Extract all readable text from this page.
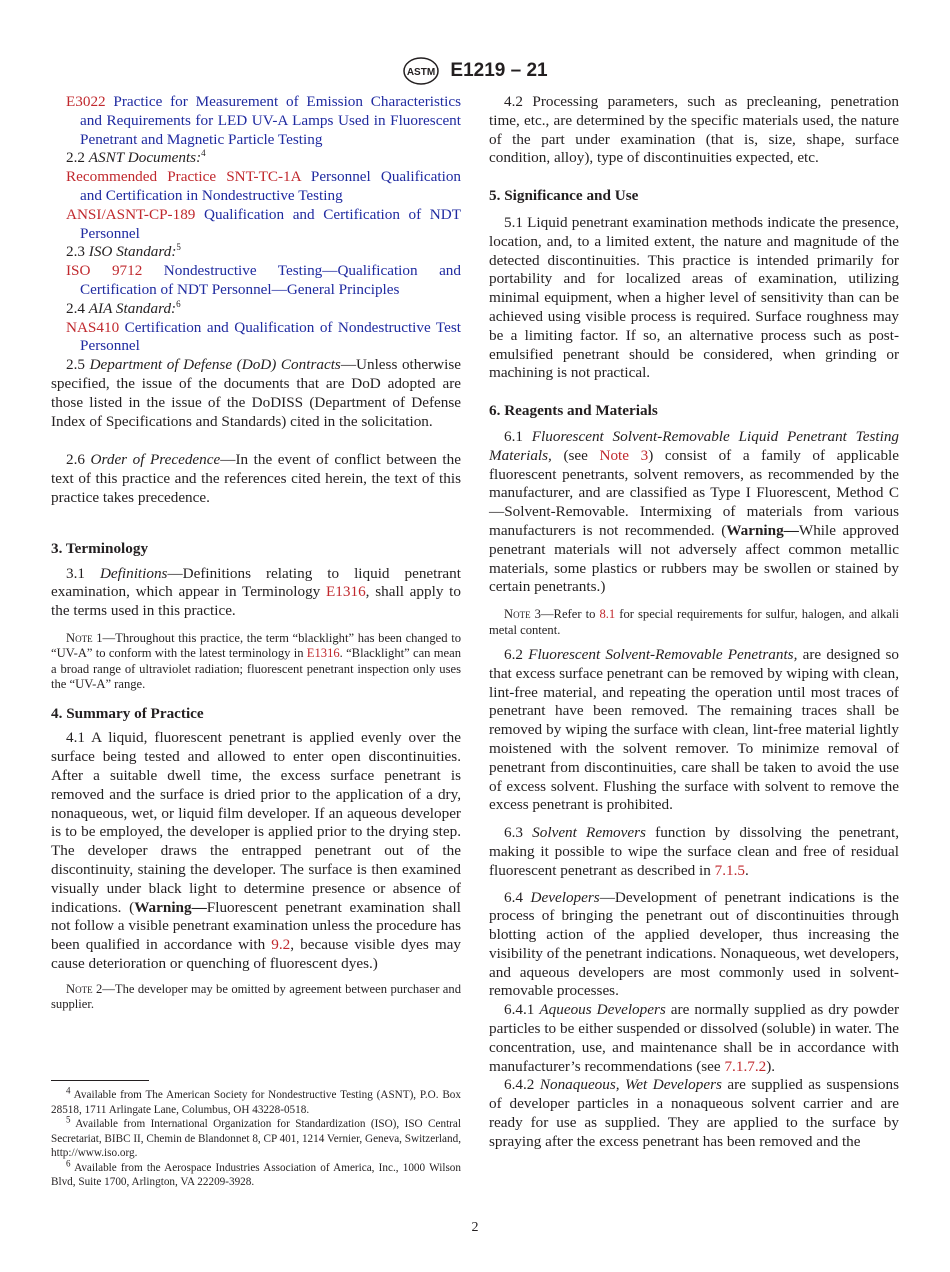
ASTM E1219 – 21

E3022 Practice for Measurement of Emission Characteristics and Requirements for LED UV-A Lamps Used in Fluorescent Penetrant and Magnetic Particle Testing

2.2 ASNT Documents:$^4$

Recommended Practice SNT-TC-1A Personnel Qualification and Certification in Nondestructive Testing

ANSI/ASNT-CP-189 Qualification and Certification of NDT Personnel

2.3 ISO Standard:$^5$

ISO 9712 Nondestructive Testing—Qualification and Certification of NDT Personnel—General Principles

2.4 AIA Standard:$^6$

NAS410 Certification and Qualification of Nondestructive Test Personnel

2.5 Department of Defense (DoD) Contracts—Unless otherwise specified, the issue of the documents that are DoD adopted are those listed in the issue of the DoDISS (Department of Defense Index of Specifications and Standards) cited in the solicitation.

2.6 Order of Precedence—In the event of conflict between the text of this practice and the references cited herein, the text of this practice takes precedence.

3. Terminology

3.1 Definitions—Definitions relating to liquid penetrant examination, which appear in Terminology E1316, shall apply to the terms used in this practice.

Note 1—Throughout this practice, the term “blacklight” has been changed to “UV-A” to conform with the latest terminology in E1316. “Blacklight” can mean a broad range of ultraviolet radiation; fluorescent penetrant inspection only uses the “UV-A” range.

4. Summary of Practice

4.1 A liquid, fluorescent penetrant is applied evenly over the surface being tested and allowed to enter open discontinuities. After a suitable dwell time, the excess surface penetrant is removed and the surface is dried prior to the application of a dry, nonaqueous, wet, or liquid film developer. If an aqueous developer is to be employed, the developer is applied prior to the drying step. The developer draws the entrapped penetrant out of the discontinuity, staining the developer. The surface is then examined visually under black light to determine presence or absence of indications. (Warning—Fluorescent penetrant examination shall not follow a visible penetrant examination unless the procedure has been qualified in accordance with 9.2, because visible dyes may cause deterioration or quenching of fluorescent dyes.)

Note 2—The developer may be omitted by agreement between purchaser and supplier.

4.2 Processing parameters, such as precleaning, penetration time, etc., are determined by the specific materials used, the nature of the part under examination (that is, size, shape, surface condition, alloy), type of discontinuities expected, etc.

5. Significance and Use

5.1 Liquid penetrant examination methods indicate the presence, location, and, to a limited extent, the nature and magnitude of the detected discontinuities. This practice is intended primarily for portability and for localized areas of examination, utilizing minimal equipment, when a higher level of sensitivity than can be achieved using visible process is required. Surface roughness may be a limiting factor. If so, an alternative process such as post-emulsified penetrant should be considered, when grinding or machining is not practical.

6. Reagents and Materials

6.1 Fluorescent Solvent-Removable Liquid Penetrant Testing Materials, (see Note 3) consist of a family of applicable fluorescent penetrants, solvent removers, as recommended by the manufacturer, and are classified as Type I Fluorescent, Method C—Solvent-Removable. Intermixing of materials from various manufacturers is not recommended. (Warning—While approved penetrant materials will not adversely affect common metallic materials, some plastics or rubbers may be swollen or stained by certain penetrants.)

Note 3—Refer to 8.1 for special requirements for sulfur, halogen, and alkali metal content.

6.2 Fluorescent Solvent-Removable Penetrants, are designed so that excess surface penetrant can be removed by wiping with clean, lint-free material, and repeating the operation until most traces of penetrant have been removed. The remaining traces shall be removed by wiping the surface with clean, lint-free material lightly moistened with the solvent remover. To minimize removal of penetrant from discontinuities, care shall be taken to avoid the use of excess solvent. Flushing the surface with solvent to remove the excess penetrant is prohibited.

6.3 Solvent Removers function by dissolving the penetrant, making it possible to wipe the surface clean and free of residual fluorescent penetrant as described in 7.1.5.

6.4 Developers—Development of penetrant indications is the process of bringing the penetrant out of discontinuities through blotting action of the applied developer, thus increasing the visibility of the penetrant indications. Nonaqueous, wet developers, and aqueous developers are most commonly used in solvent-removable processes.

6.4.1 Aqueous Developers are normally supplied as dry powder particles to be either suspended or dissolved (soluble) in water. The concentration, use, and maintenance shall be in accordance with manufacturer’s recommendations (see 7.1.7.2).

6.4.2 Nonaqueous, Wet Developers are supplied as suspensions of developer particles in a nonaqueous solvent carrier and are ready for use as supplied. They are applied to the surface by spraying after the excess penetrant has been removed and the

$^4$ Available from The American Society for Nondestructive Testing (ASNT), P.O. Box 28518, 1711 Arlingate Lane, Columbus, OH 43228-0518.

$^5$ Available from International Organization for Standardization (ISO), ISO Central Secretariat, BIBC II, Chemin de Blandonnet 8, CP 401, 1214 Vernier, Geneva, Switzerland, http://www.iso.org.

$^6$ Available from the Aerospace Industries Association of America, Inc., 1000 Wilson Blvd, Suite 1700, Arlington, VA 22209-3928.

2
